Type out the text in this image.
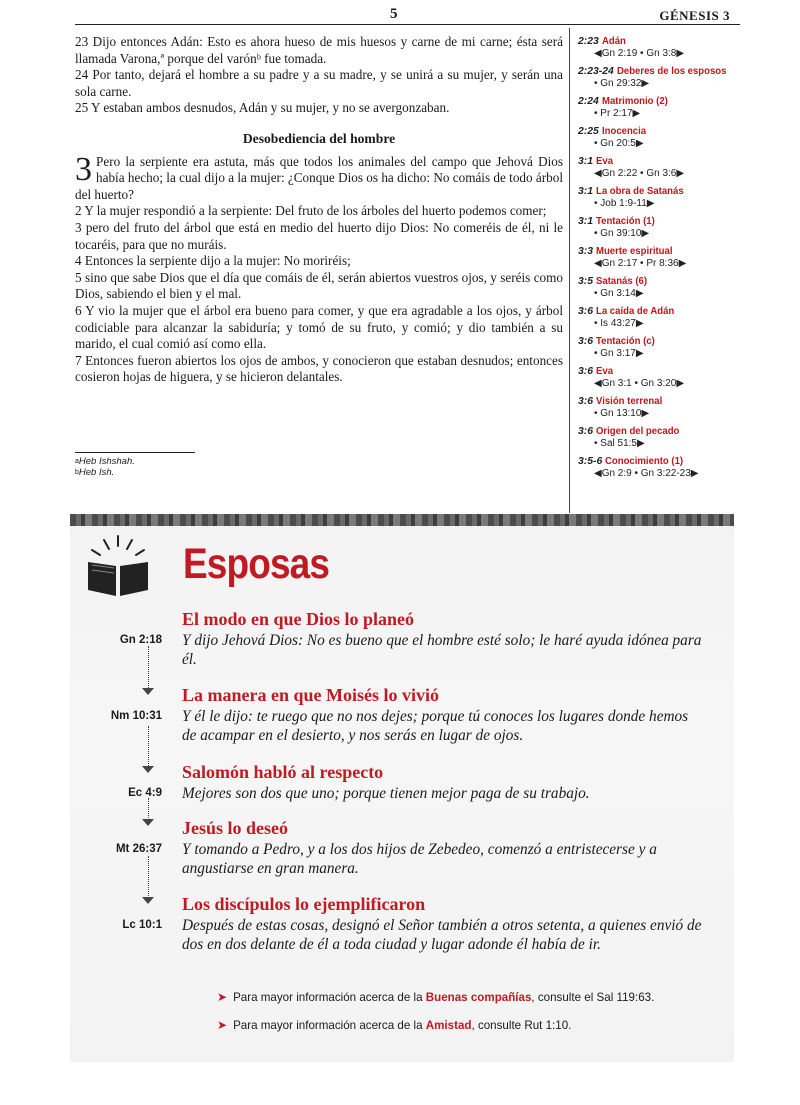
5	GÉNESIS 3

23 Dijo entonces Adán: Esto es ahora hueso de mis huesos y carne de mi carne; ésta será llamada Varona,ª porque del varónᵇ fue tomada.

24 Por tanto, dejará el hombre a su padre y a su madre, y se unirá a su mujer, y serán una sola carne.

25 Y estaban ambos desnudos, Adán y su mujer, y no se avergonzaban.

Desobediencia del hombre

3 Pero la serpiente era astuta, más que todos los animales del campo que Jehová Dios había hecho; la cual dijo a la mujer: ¿Conque Dios os ha dicho: No comáis de todo árbol del huerto?

2 Y la mujer respondió a la serpiente: Del fruto de los árboles del huerto podemos comer;

3 pero del fruto del árbol que está en medio del huerto dijo Dios: No comeréis de él, ni le tocaréis, para que no muráis.

4 Entonces la serpiente dijo a la mujer: No moriréis;

5 sino que sabe Dios que el día que comáis de él, serán abiertos vuestros ojos, y seréis como Dios, sabiendo el bien y el mal.

6 Y vio la mujer que el árbol era bueno para comer, y que era agradable a los ojos, y árbol codiciable para alcanzar la sabiduría; y tomó de su fruto, y comió; y dio también a su marido, el cual comió así como ella.

7 Entonces fueron abiertos los ojos de ambos, y conocieron que estaban desnudos; entonces cosieron hojas de higuera, y se hicieron delantales.

$^a$Heb Ishshah.
$^b$Heb Ish.
2:23 Adán
◀Gn 2:19 • Gn 3:8▶
2:23-24 Deberes de los esposos
• Gn 29:32▶
2:24 Matrimonio (2)
• Pr 2:17▶
2:25 Inocencia
• Gn 20:5▶
3:1 Eva
◀Gn 2:22 • Gn 3:6▶
3:1 La obra de Satanás
• Job 1:9-11▶
3:1 Tentación (1)
• Gn 39:10▶
3:3 Muerte espiritual
◀Gn 2:17 • Pr 8:36▶
3:5 Satanás (6)
• Gn 3:14▶
3:6 La caída de Adán
• Is 43:27▶
3:6 Tentación (c)
• Gn 3:17▶
3:6 Eva
◀Gn 3:1 • Gn 3:20▶
3:6 Visión terrenal
• Gn 13:10▶
3:6 Origen del pecado
• Sal 51:5▶
3:5-6 Conocimiento (1)
◀Gn 2:9 • Gn 3:22-23▶
Esposas
El modo en que Dios lo planeó
Gn 2:18 Y dijo Jehová Dios: No es bueno que el hombre esté solo; le haré ayuda idónea para él.
La manera en que Moisés lo vivió
Nm 10:31 Y él le dijo: te ruego que no nos dejes; porque tú conoces los lugares donde hemos de acampar en el desierto, y nos serás en lugar de ojos.
Salomón habló al respecto
Ec 4:9 Mejores son dos que uno; porque tienen mejor paga de su trabajo.
Jesús lo deseó
Mt 26:37 Y tomando a Pedro, y a los dos hijos de Zebedeo, comenzó a entristecerse y a angustiarse en gran manera.
Los discípulos lo ejemplificaron
Lc 10:1 Después de estas cosas, designó el Señor también a otros setenta, a quienes envió de dos en dos delante de él a toda ciudad y lugar adonde él había de ir.
➤ Para mayor información acerca de la Buenas compañías, consulte el Sal 119:63.
➤ Para mayor información acerca de la Amistad, consulte Rut 1:10.
